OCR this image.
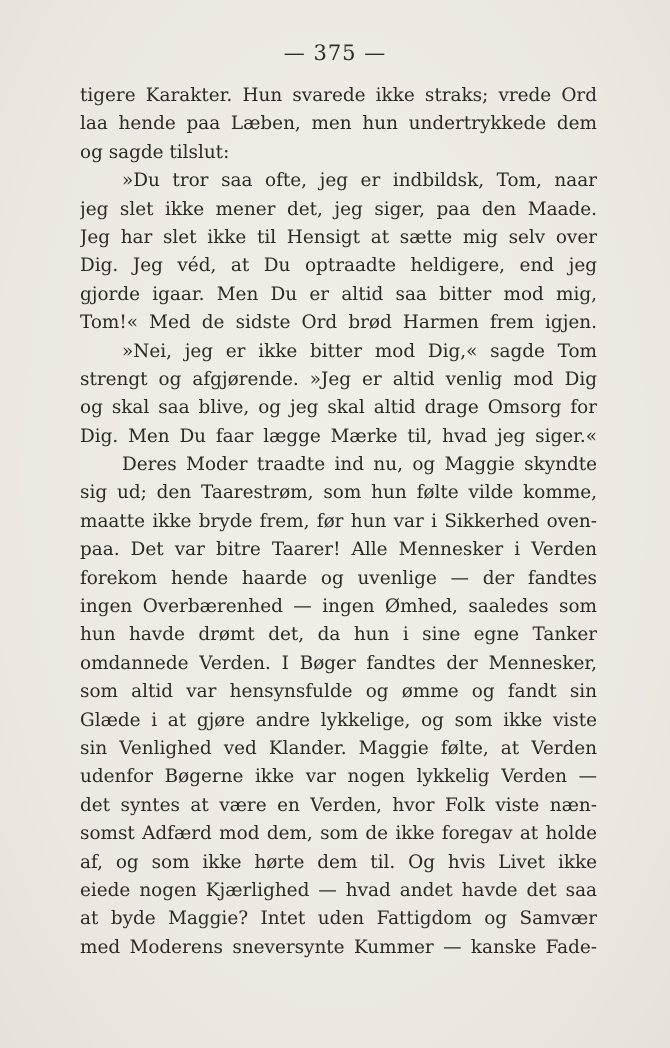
— 375 —
tigere Karakter. Hun svarede ikke straks; vrede Ord
laa hende paa Læben, men hun undertrykkede dem
og sagde tilslut:
»Du tror saa ofte, jeg er indbildsk, Tom, naar
jeg slet ikke mener det, jeg siger, paa den Maade.
Jeg har slet ikke til Hensigt at sætte mig selv over
Dig. Jeg véd, at Du optraadte heldigere, end jeg
gjorde igaar. Men Du er altid saa bitter mod mig,
Tom!« Med de sidste Ord brød Harmen frem igjen.
»Nei, jeg er ikke bitter mod Dig,« sagde Tom
strengt og afgjørende. »Jeg er altid venlig mod Dig
og skal saa blive, og jeg skal altid drage Omsorg for
Dig. Men Du faar lægge Mærke til, hvad jeg siger.«
Deres Moder traadte ind nu, og Maggie skyndte
sig ud; den Taarestrøm, som hun følte vilde komme,
maatte ikke bryde frem, før hun var i Sikkerhed oven-
paa. Det var bitre Taarer! Alle Mennesker i Verden
forekom hende haarde og uvenlige — der fandtes
ingen Overbærenhed — ingen Ømhed, saaledes som
hun havde drømt det, da hun i sine egne Tanker
omdannede Verden. I Bøger fandtes der Mennesker,
som altid var hensynsfulde og ømme og fandt sin
Glæde i at gjøre andre lykkelige, og som ikke viste
sin Venlighed ved Klander. Maggie følte, at Verden
udenfor Bøgerne ikke var nogen lykkelig Verden —
det syntes at være en Verden, hvor Folk viste næn-
somst Adfærd mod dem, som de ikke foregav at holde
af, og som ikke hørte dem til. Og hvis Livet ikke
eiede nogen Kjærlighed — hvad andet havde det saa
at byde Maggie? Intet uden Fattigdom og Samvær
med Moderens sneversynte Kummer — kanske Fade-
